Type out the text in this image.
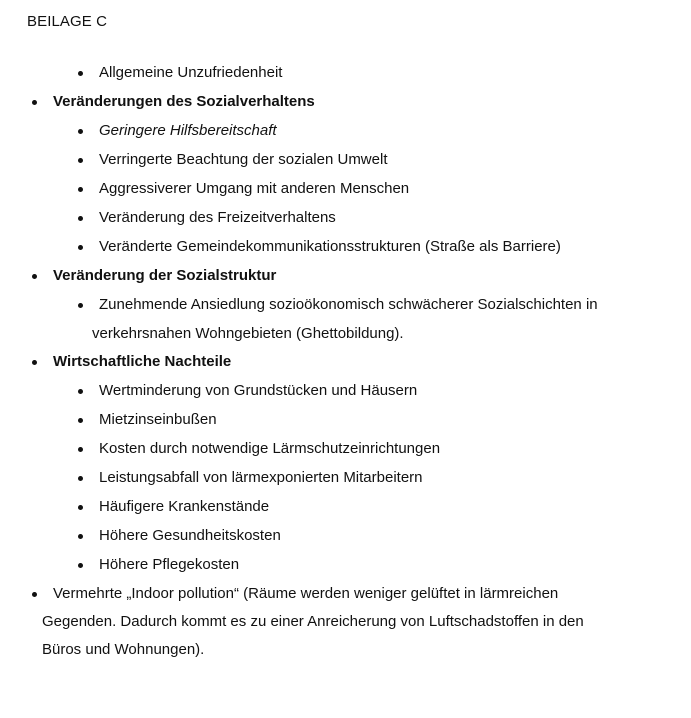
BEILAGE C
Allgemeine Unzufriedenheit
Veränderungen des Sozialverhaltens
Geringere Hilfsbereitschaft
Verringerte Beachtung der sozialen Umwelt
Aggressiverer Umgang mit anderen Menschen
Veränderung des Freizeitverhaltens
Veränderte Gemeindekommunikationsstrukturen (Straße als Barriere)
Veränderung der Sozialstruktur
Zunehmende Ansiedlung sozioökonomisch schwächerer Sozialschichten in
verkehrsnahen Wohngebieten (Ghettobildung).
Wirtschaftliche Nachteile
Wertminderung von Grundstücken und Häusern
Mietzinseinbußen
Kosten durch notwendige Lärmschutzeinrichtungen
Leistungsabfall von lärmexponierten Mitarbeitern
Häufigere Krankenstände
Höhere Gesundheitskosten
Höhere Pflegekosten
Vermehrte „Indoor pollution“ (Räume werden weniger gelüftet in lärmreichen
Gegenden. Dadurch kommt es zu einer Anreicherung von Luftschadstoffen in den
Büros und Wohnungen).
